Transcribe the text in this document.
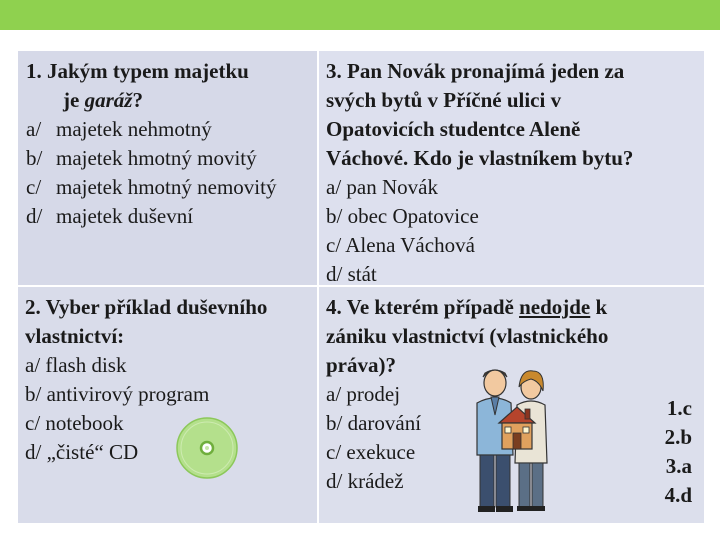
1. Jakým typem majetku
je garáž?
a/ majetek nehmotný
b/ majetek hmotný movitý
c/ majetek hmotný nemovitý
d/ majetek duševní
3. Pan Novák pronajímá jeden za
svých bytů v Příčné ulici v
Opatovicích studentce Aleně
Váchové. Kdo je vlastníkem bytu?
a/ pan Novák
b/ obec Opatovice
c/ Alena Váchová
d/ stát
2. Vyber příklad duševního
vlastnictví:
a/ flash disk
b/ antivirový program
c/ notebook
d/ „čisté“ CD
4. Ve kterém případě nedojde k
zániku vlastnictví (vlastnického
práva)?
a/ prodej
b/ darování
c/ exekuce
d/ krádež
1.c
2.b
3.a
4.d
